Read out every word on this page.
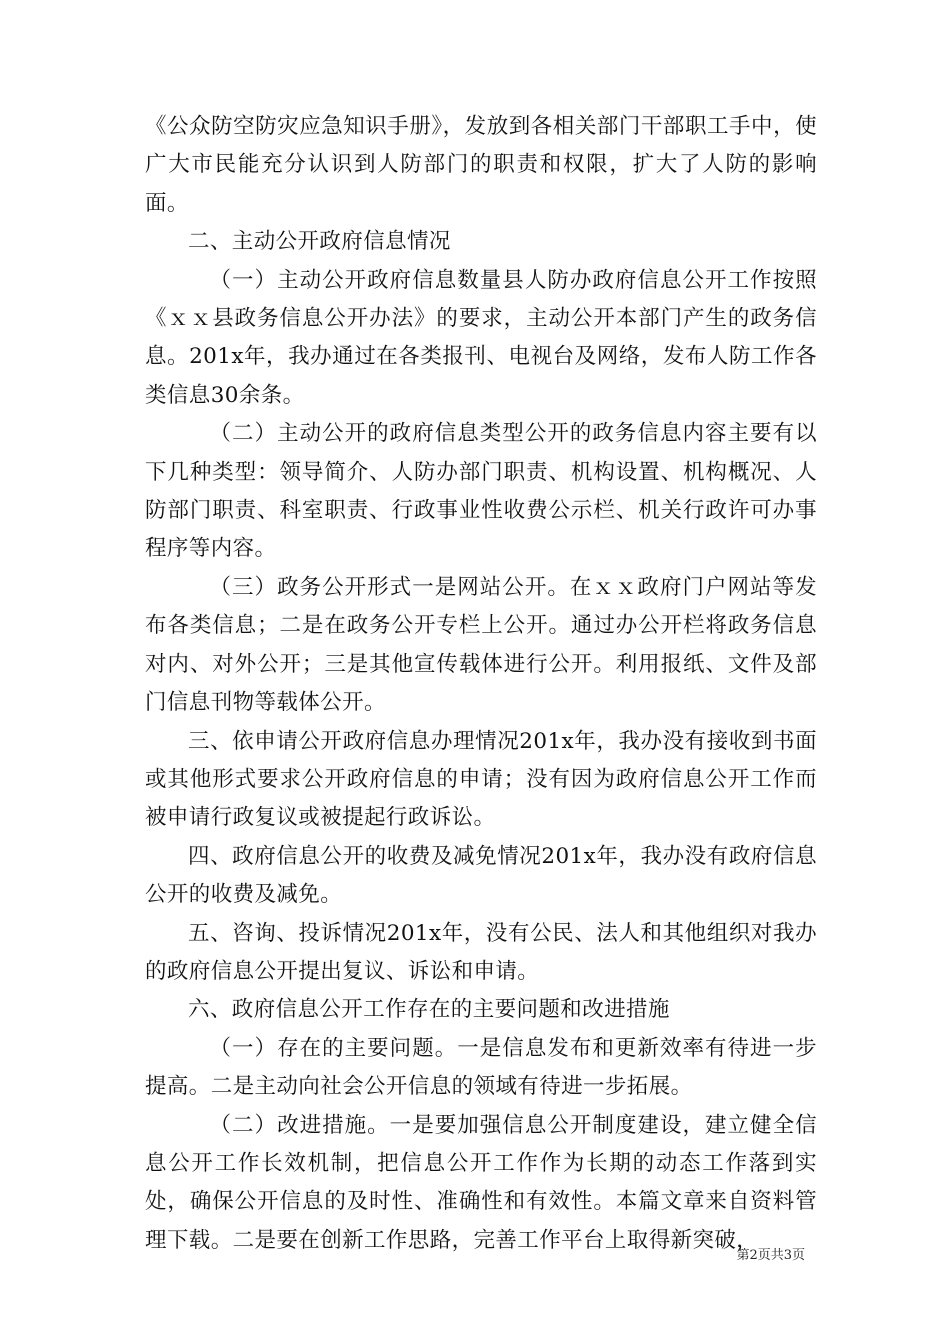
《公众防空防灾应急知识手册》，发放到各相关部门干部职工手中，使广大市民能充分认识到人防部门的职责和权限，扩大了人防的影响面。

二、主动公开政府信息情况

（一）主动公开政府信息数量县人防办政府信息公开工作按照《ｘｘ县政务信息公开办法》的要求，主动公开本部门产生的政务信息。201x年，我办通过在各类报刊、电视台及网络，发布人防工作各类信息30余条。

（二）主动公开的政府信息类型公开的政务信息内容主要有以下几种类型：领导简介、人防办部门职责、机构设置、机构概况、人防部门职责、科室职责、行政事业性收费公示栏、机关行政许可办事程序等内容。

（三）政务公开形式一是网站公开。在ｘｘ政府门户网站等发布各类信息；二是在政务公开专栏上公开。通过办公开栏将政务信息对内、对外公开；三是其他宣传载体进行公开。利用报纸、文件及部门信息刊物等载体公开。

三、依申请公开政府信息办理情况201x年，我办没有接收到书面或其他形式要求公开政府信息的申请；没有因为政府信息公开工作而被申请行政复议或被提起行政诉讼。

四、政府信息公开的收费及减免情况201x年，我办没有政府信息公开的收费及减免。

五、咨询、投诉情况201x年，没有公民、法人和其他组织对我办的政府信息公开提出复议、诉讼和申请。

六、政府信息公开工作存在的主要问题和改进措施

（一）存在的主要问题。一是信息发布和更新效率有待进一步提高。二是主动向社会公开信息的领域有待进一步拓展。

（二）改进措施。一是要加强信息公开制度建设，建立健全信息公开工作长效机制，把信息公开工作作为长期的动态工作落到实处，确保公开信息的及时性、准确性和有效性。本篇文章来自资料管理下载。二是要在创新工作思路，完善工作平台上取得新突破，

第2页共3页
